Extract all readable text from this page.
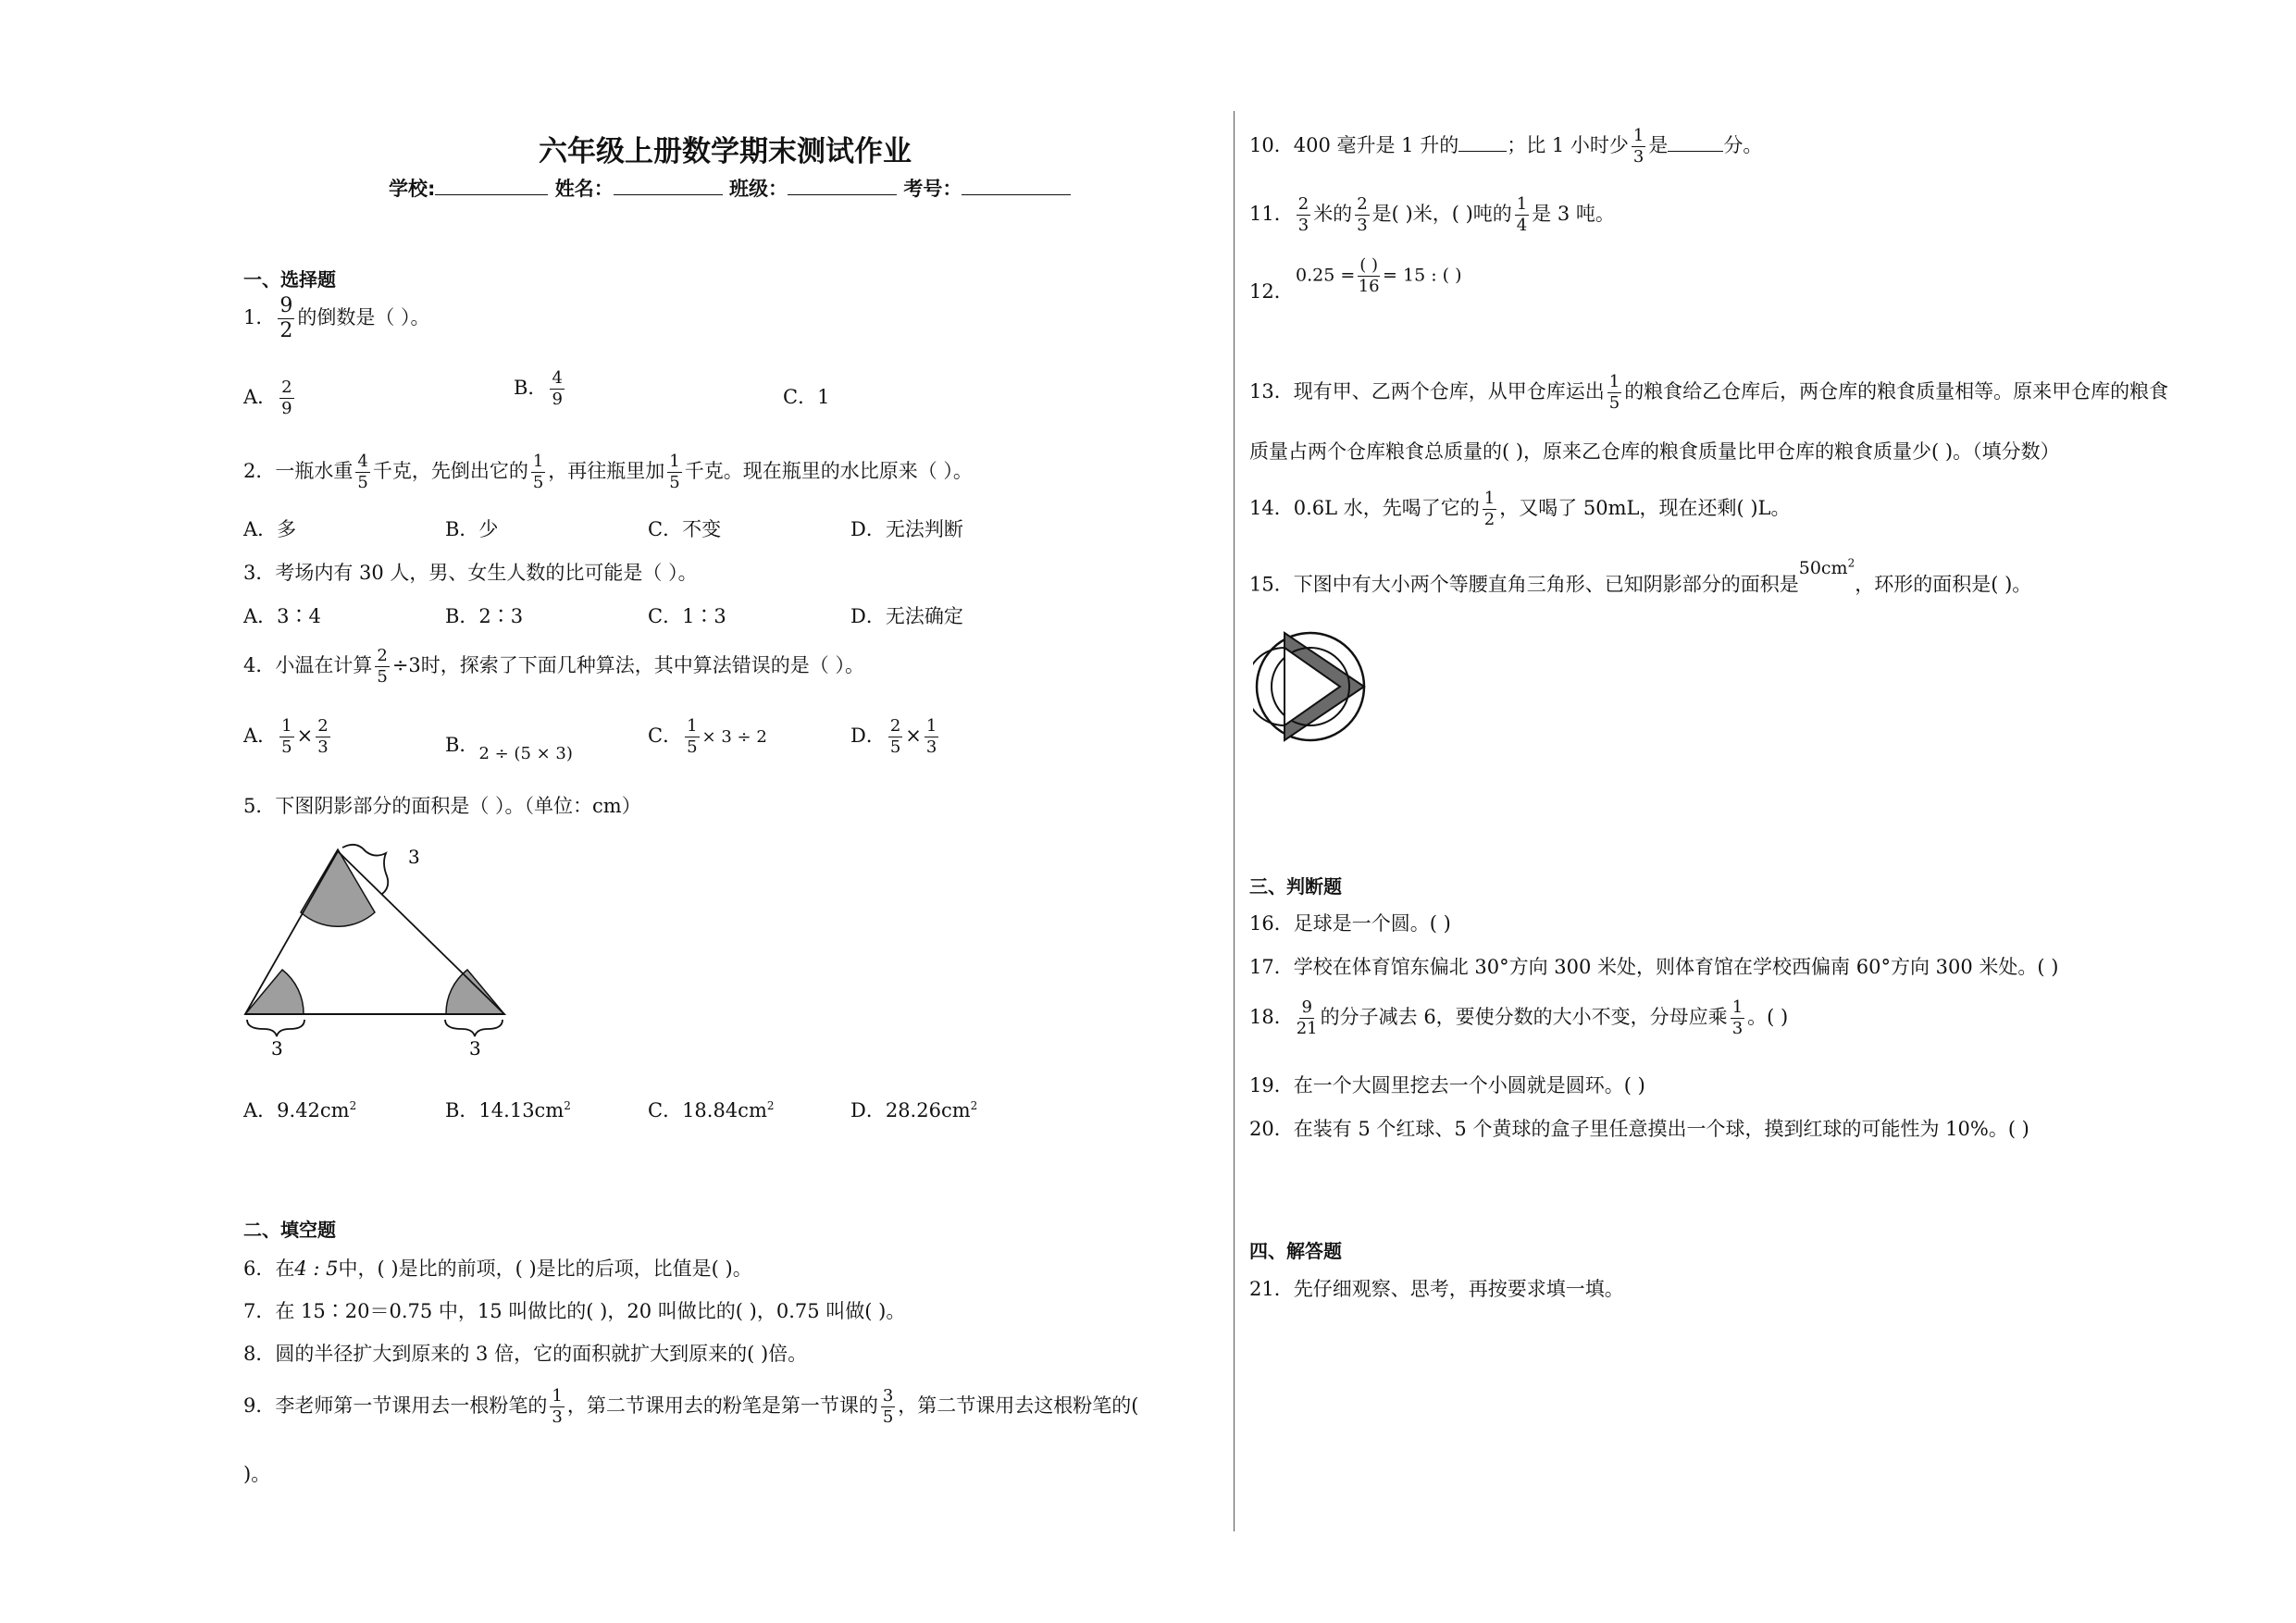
六年级上册数学期末测试作业
学校:	姓名：	班级：	考号：
一、选择题
1． $\frac{9}{2}$ 的倒数是（ ）。
A． $\frac{2}{9}$	B． $\frac{4}{9}$	C．1
2．一瓶水重 $\frac{4}{5}$ 千克，先倒出它的 $\frac{1}{5}$ ，再往瓶里加 $\frac{1}{5}$ 千克。现在瓶里的水比原来（ ）。
A．多	B．少	C．不变	D．无法判断
3．考场内有 30 人，男、女生人数的比可能是（ ）。
A．3∶4	B．2∶3	C．1∶3	D．无法确定
4．小温在计算 $\frac{2}{5} \div 3$时，探索了下面几种算法，其中算法错误的是（ ）。
A． $\frac{1}{5} \times \frac{2}{3}$	B．2 ÷ (5 × 3)
C． $\frac{1}{5} \times 3 \div 2$	D． $\frac{2}{5} \times \frac{1}{3}$
5．下图阴影部分的面积是（ ）。（单位：cm）
3
3	3
A．$9.42cm^2$	B．$14.13cm^2$	C．$18.84cm^2$	D．$28.26cm^2$
二、填空题
6．在4 : 5中，( )是比的前项，( )是比的后项，比值是( )。
7．在 15∶20＝0.75 中，15 叫做比的( )，20 叫做比的( )，0.75 叫做( )。
8．圆的半径扩大到原来的 3 倍，它的面积就扩大到原来的( )倍。
9．李老师第一节课用去一根粉笔的 $\frac{1}{3}$ ，第二节课用去的粉笔是第一节课的 $\frac{3}{5}$ ，第二节课用去这根粉笔的(
)。
10．400 毫升是 1 升的 ；比 1 小时少 $\frac{1}{3}$ 是	分。
11． $\frac{2}{3}$ 米的 $\frac{2}{3}$ 是( )米，( )吨的 $\frac{1}{4}$ 是 3 吨。
12．
$0.25 = \frac{( )}{16} = 15$ : ( )
13．现有甲、乙两个仓库，从甲仓库运出 $\frac{1}{5}$ 的粮食给乙仓库后，两仓库的粮食质量相等。原来甲仓库的粮食
质量占两个仓库粮食总质量的( )，原来乙仓库的粮食质量比甲仓库的粮食质量少( )。（填分数）
14．0.6L 水，先喝了它的 $\frac{1}{2}$ ，又喝了 50mL，现在还剩( )L。
15．下图中有大小两个等腰直角三角形、已知阴影部分的面积是$50cm^2$，环形的面积是( )。
三、判断题
16．足球是一个圆。( )
17．学校在体育馆东偏北 30°方向 300 米处，则体育馆在学校西偏南 60°方向 300 米处。( )
18． $\frac{9}{21}$ 的分子减去 6，要使分数的大小不变，分母应乘 $\frac{1}{3}$ 。( )
19．在一个大圆里挖去一个小圆就是圆环。( )
20．在装有 5 个红球、5 个黄球的盒子里任意摸出一个球，摸到红球的可能性为 10%。( )
四、解答题
21．先仔细观察、思考，再按要求填一填。
